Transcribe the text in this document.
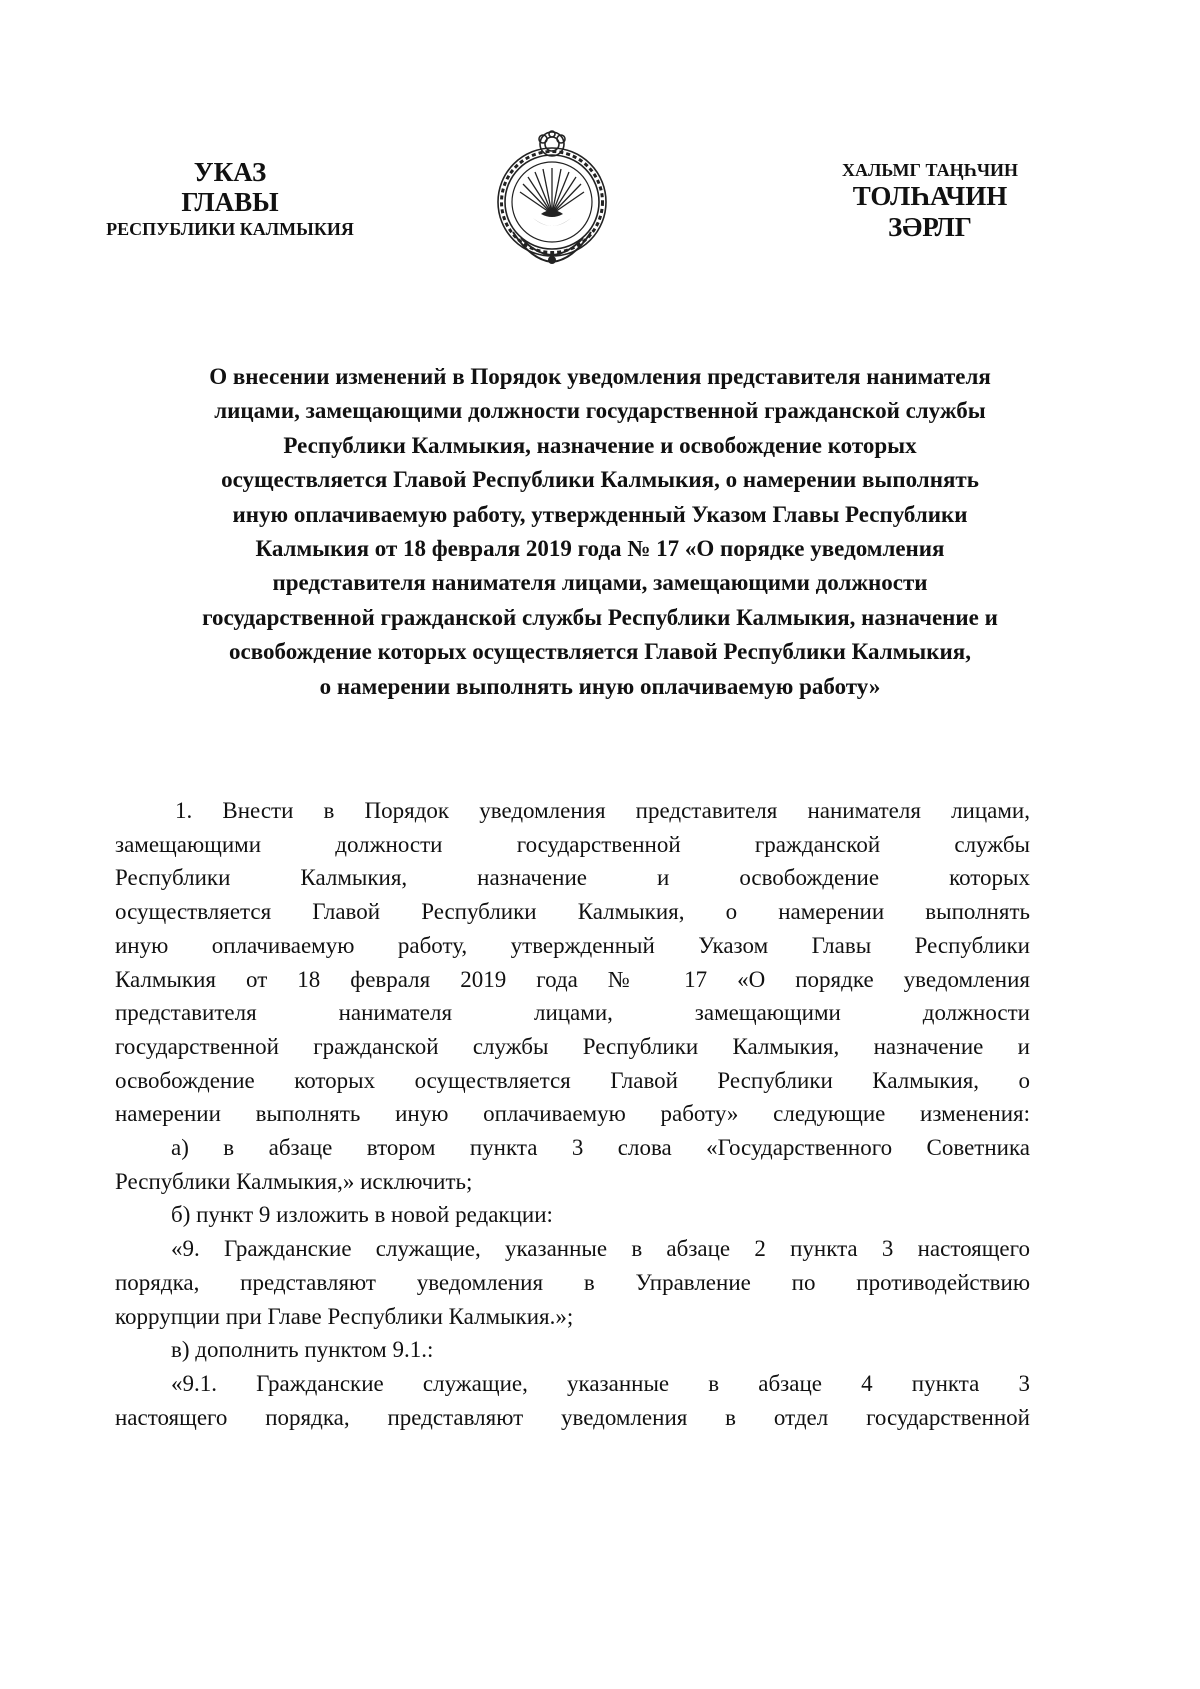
УКАЗ
ГЛАВЫ
РЕСПУБЛИКИ КАЛМЫКИЯ
ХАЛЬМГ ТАҢҺЧИН
ТОЛҺАЧИН
ЗӘРЛГ
О внесении изменений в Порядок уведомления представителя нанимателя
лицами, замещающими должности государственной гражданской службы
Республики Калмыкия, назначение и освобождение которых
осуществляется Главой Республики Калмыкия, о намерении выполнять
иную оплачиваемую работу, утвержденный Указом Главы Республики
Калмыкия от 18 февраля 2019 года № 17 «О порядке уведомления
представителя нанимателя лицами, замещающими должности
государственной гражданской службы Республики Калмыкия, назначение и
освобождение которых осуществляется Главой Республики Калмыкия,
о намерении выполнять иную оплачиваемую работу»
1. Внести в Порядок уведомления представителя нанимателя лицами,
замещающими должности государственной гражданской службы
Республики Калмыкия, назначение и освобождение которых
осуществляется Главой Республики Калмыкия, о намерении выполнять
иную оплачиваемую работу, утвержденный Указом Главы Республики
Калмыкия от 18 февраля 2019 года № 17 «О порядке уведомления
представителя нанимателя лицами, замещающими должности
государственной гражданской службы Республики Калмыкия, назначение и
освобождение которых осуществляется Главой Республики Калмыкия, о
намерении выполнять иную оплачиваемую работу» следующие изменения:
а) в абзаце втором пункта 3 слова «Государственного Советника
Республики Калмыкия,» исключить;
б) пункт 9 изложить в новой редакции:
«9. Гражданские служащие, указанные в абзаце 2 пункта 3 настоящего
порядка, представляют уведомления в Управление по противодействию
коррупции при Главе Республики Калмыкия.»;
в) дополнить пунктом 9.1.:
«9.1. Гражданские служащие, указанные в абзаце 4 пункта 3
настоящего порядка, представляют уведомления в отдел государственной
